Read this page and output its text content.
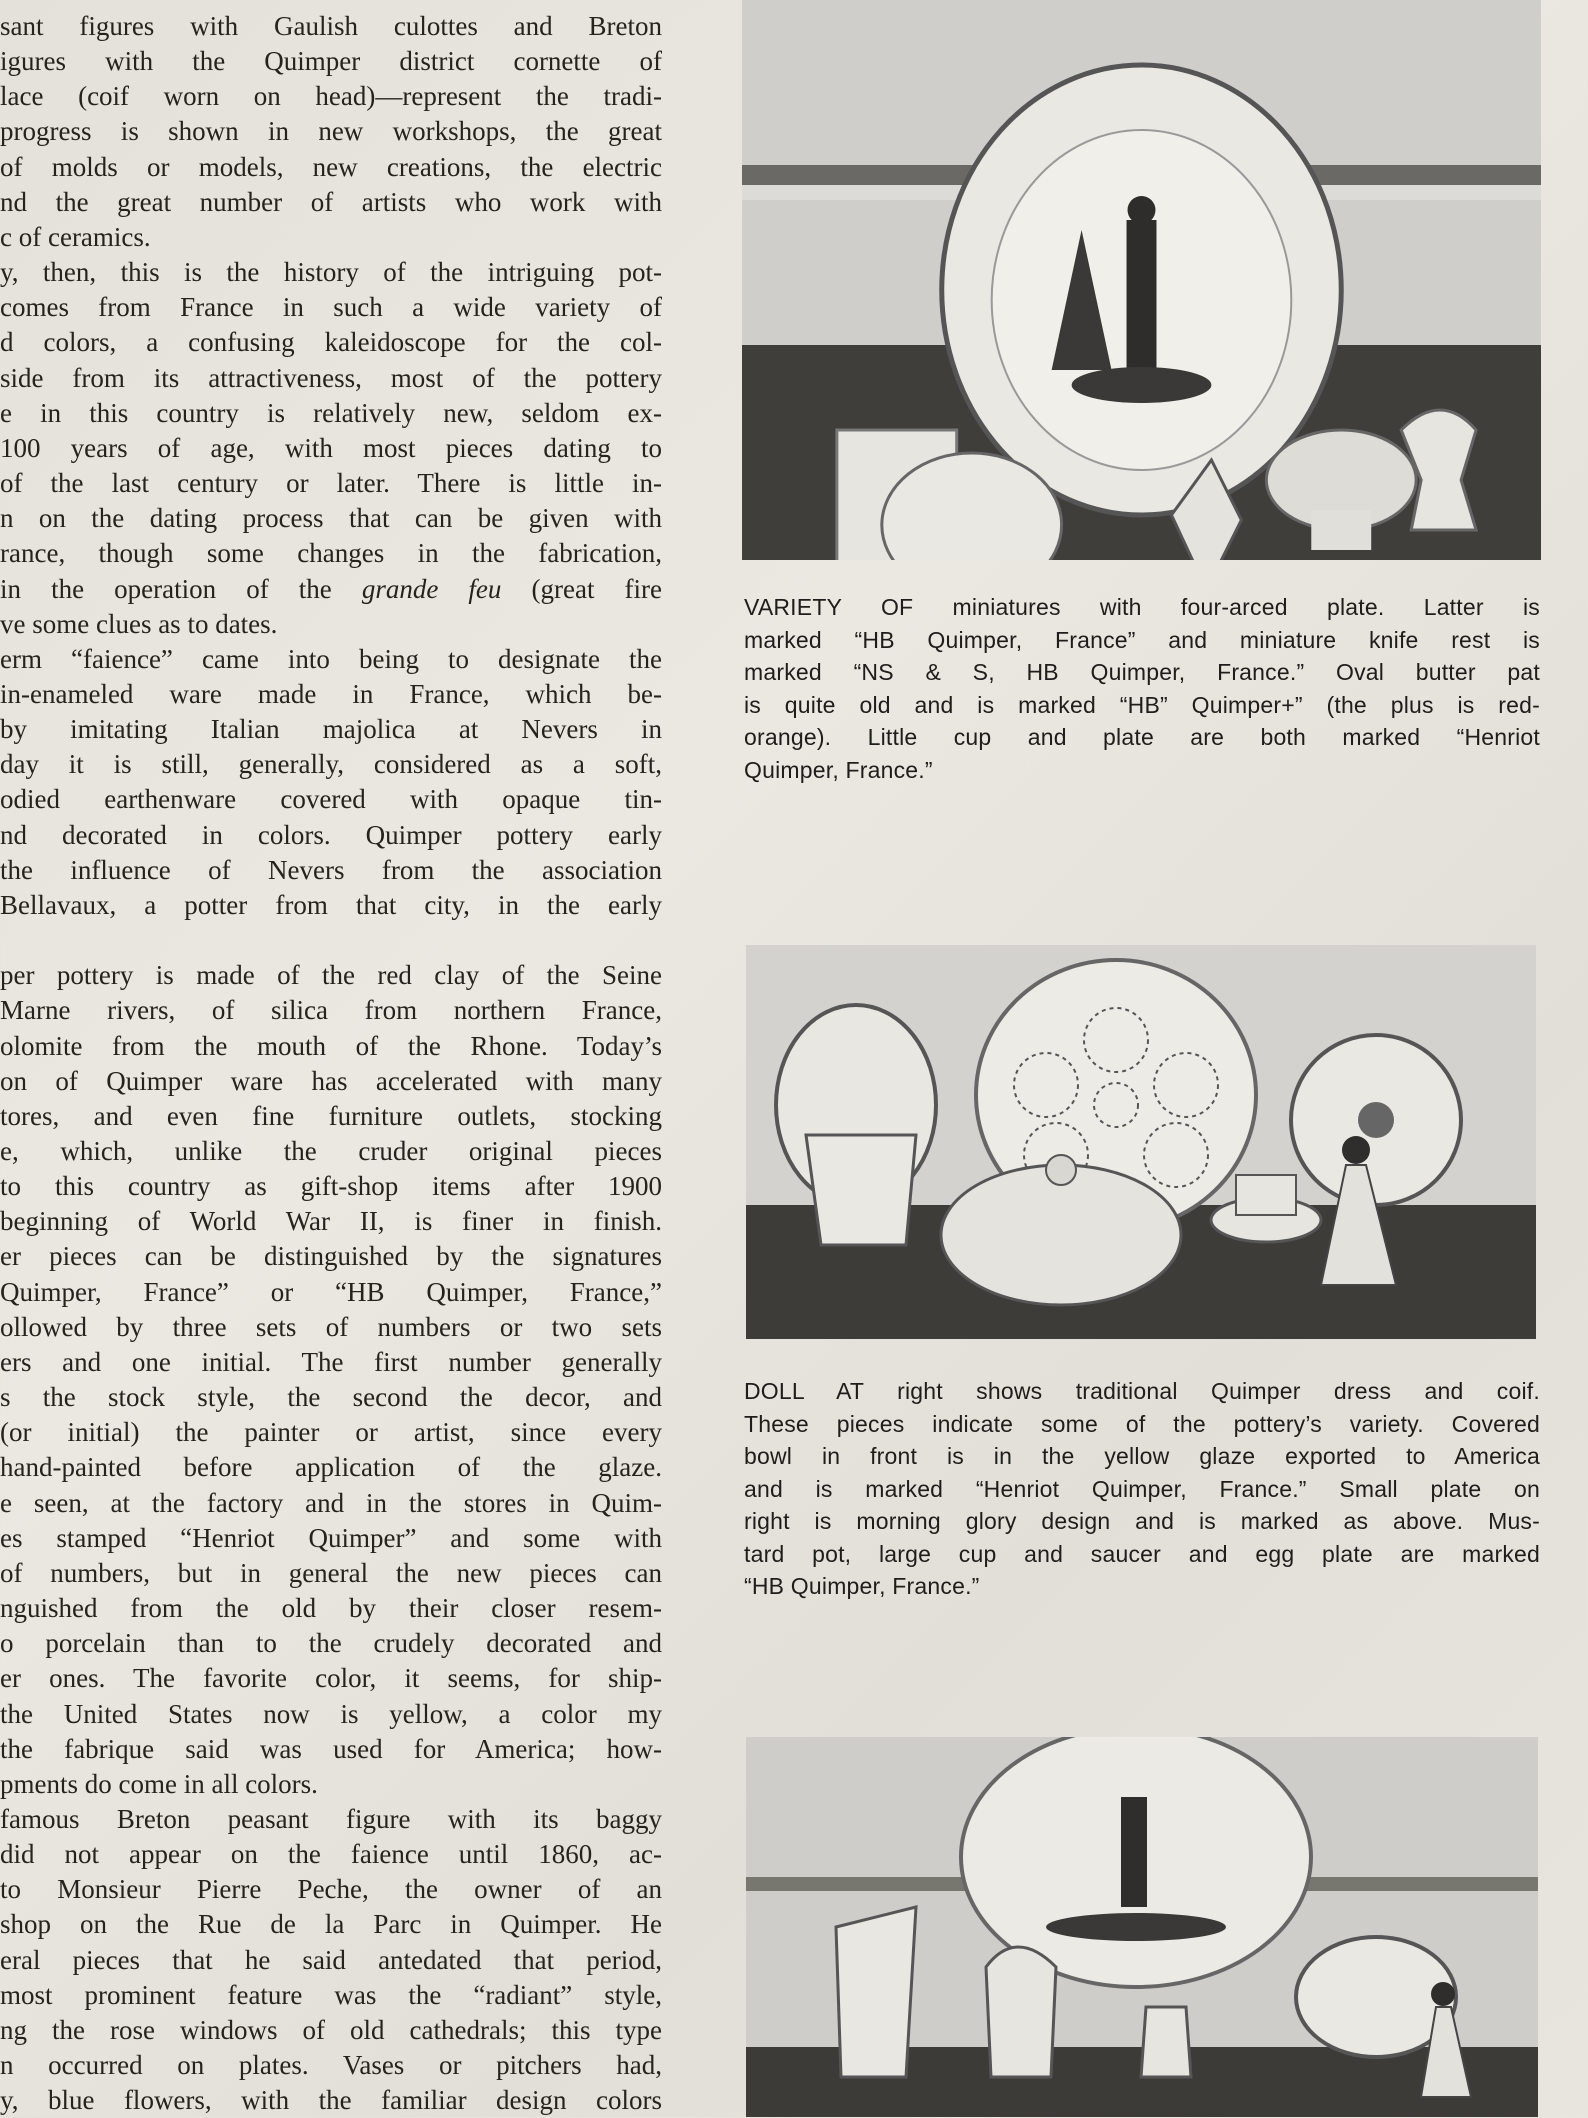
sant figures with Gaulish culottes and Breton
igures with the Quimper district cornette of
lace (coif worn on head)—represent the tradi-
progress is shown in new workshops, the great
of molds or models, new creations, the electric
nd the great number of artists who work with
c of ceramics.
y, then, this is the history of the intriguing pot-
comes from France in such a wide variety of
d colors, a confusing kaleidoscope for the col-
side from its attractiveness, most of the pottery
e in this country is relatively new, seldom ex-
100 years of age, with most pieces dating to
of the last century or later. There is little in-
n on the dating process that can be given with
rance, though some changes in the fabrication,
in the operation of the grande feu (great fire
ve some clues as to dates.
erm “faience” came into being to designate the
in-enameled ware made in France, which be-
by imitating Italian majolica at Nevers in
day it is still, generally, considered as a soft,
odied earthenware covered with opaque tin-
nd decorated in colors. Quimper pottery early
the influence of Nevers from the association
Bellavaux, a potter from that city, in the early
per pottery is made of the red clay of the Seine
Marne rivers, of silica from northern France,
olomite from the mouth of the Rhone. Today’s
on of Quimper ware has accelerated with many
tores, and even fine furniture outlets, stocking
e, which, unlike the cruder original pieces
to this country as gift-shop items after 1900
beginning of World War II, is finer in finish.
er pieces can be distinguished by the signatures
Quimper, France” or “HB Quimper, France,”
ollowed by three sets of numbers or two sets
ers and one initial. The first number generally
s the stock style, the second the decor, and
(or initial) the painter or artist, since every
hand-painted before application of the glaze.
e seen, at the factory and in the stores in Quim-
es stamped “Henriot Quimper” and some with
of numbers, but in general the new pieces can
nguished from the old by their closer resem-
o porcelain than to the crudely decorated and
er ones. The favorite color, it seems, for ship-
the United States now is yellow, a color my
the fabrique said was used for America; how-
pments do come in all colors.
famous Breton peasant figure with its baggy
did not appear on the faience until 1860, ac-
to Monsieur Pierre Peche, the owner of an
shop on the Rue de la Parc in Quimper. He
eral pieces that he said antedated that period,
most prominent feature was the “radiant” style,
ng the rose windows of old cathedrals; this type
n occurred on plates. Vases or pitchers had,
y, blue flowers, with the familiar design colors
VARIETY OF miniatures with four-arced plate. Latter is
marked “HB Quimper, France” and miniature knife rest is
marked “NS & S, HB Quimper, France.” Oval butter pat
is quite old and is marked “HB” Quimper+” (the plus is red-
orange). Little cup and plate are both marked “Henriot
Quimper, France.”
DOLL AT right shows traditional Quimper dress and coif.
These pieces indicate some of the pottery’s variety. Covered
bowl in front is in the yellow glaze exported to America
and is marked “Henriot Quimper, France.” Small plate on
right is morning glory design and is marked as above. Mus-
tard pot, large cup and saucer and egg plate are marked
“HB Quimper, France.”
